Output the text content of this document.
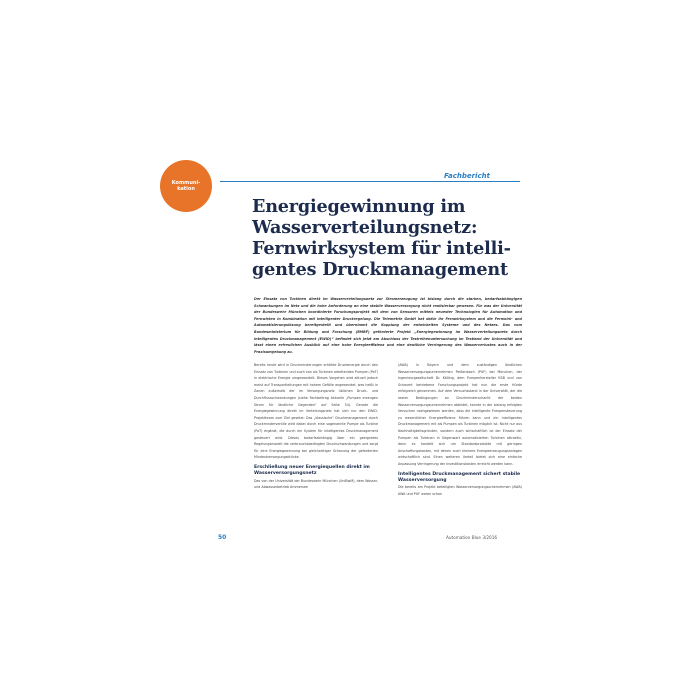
Kommuni-
kation
Fachbericht
Energiegewinnung im
Wasserverteilungsnetz:
Fernwirksystem für intelli-
gentes Druckmanagement

Der Einsatz von Turbinen direkt im Wasserverteilungsnetz zur Stromerzeugung ist bislang durch die starken, bedarfsabhängigen Schwankungen im Netz und die hohe Anforderung an eine stabile Wasserversorgung nicht realisierbar gewesen. Für was der Universität der Bundeswehr München koordinierte Forschungsprojekt mit dem von Sensoren mittels neuester Technologien für Automation und Fernwirken in Kombination mit intelligenter Druckregelung. Die Telemetrie GmbH hat dafür ihr Fernwirksystem und die Fernwirk- und Automatisierungslösung bereitgestellt und übernimmt die Kopplung der entwickelten Systeme und des Netzes. Das vom Bundesministerium für Bildung und Forschung (BMBF) geförderte Projekt „Energiegewinnung im Wasserverteilungsnetz durch intelligentes Druckmanagement (EWID)“ befindet sich jetzt am Abschluss der Testreihenuntersuchung im Testland der Universität und lässt einen erfreulichen Ausblick auf eine hohe Energieeffizienz und eine deutliche Verringerung des Wasserverlustes auch in der Praxisumgebung zu.

Bereits heute wird in Druckminderungen erhöhte Druckenergie durch den Einsatz von Turbinen und auch von als Turbinen arbeitenden Pumpen (PaT) in elektrische Energie umgewandelt. Dieses Vorgehen wird aktuell jedoch meist auf Transportleitungen mit hohem Gefälle angewendet, was heißt in Zonen außerhalb der im Versorgungsnetz üblichen Druck- und Durchflussschwankungen (siehe Fachbeitrag Aktuelle „Pumpen erzeugen Strom für ländliche Gegenden“ auf Seite 54). Gerade die Energiegewinnung direkt im Verteilungsnetz hat sich nur den EWID-Projektteam zum Ziel gesetzt: Das „klassische“ Druckmanagement durch Druckminderventile wird dabei durch eine sogenannte Pumpe als Turbine (PaT) ergänzt, die durch ein System für intelligentes Druckmanagement gesteuert wird. Dieses bedarfsabhängig über ein geeignetes Regelungsmodell die verbrauchsbedingten Druckschwankungen und sorgt für eine Energiegewinnung bei gleichzeitiger Schonung der geforderten Mindestversorgungsdrücke.

Erschließung neuer Energiequellen direkt im Wasserversorgungsnetz

Das von der Universität der Bundeswehr München (UniBwM), dem Wasser- und Abwasserbetrieb Ammersee

(AWA) in Bayern und dem zuständigen ländlichen Wasserversorgungsunternehmen Peißenbach (PUF) bei München, der Ingenieurgesellschaft Dr. Kölling, dem Pumpenhersteller KSB und von Schaumt betriebene Forschungsprojekt hat nun die erste Hürde erfolgreich genommen. Auf dem Versuchsstand in der Universität, der die realen Bedingungen an Druckminderschacht der beiden Wasserversorgungsunternehmen abbildet, konnte in der bislang erfolgten Versuchen nachgewiesen werden, dass die intelligente Pumpensteuerung zu wesentlicher Energieeffizienz führen kann und ein intelligentes Druckmanagement mit als Pumpen als Turbinen möglich ist. Nicht nur aus Nachhaltigkeitsgründen, sondern auch wirtschaftlich ist der Einsatz der Pumpen als Turbinen in Gegenwart automatisierten Turbinen attraktiv, denn es handelt sich um Standardprodukte mit geringen Anschaffungskosten, mit denen auch kleinere Energieerzeugungsanlagen wirtschaftlich sind. Einen weiteren Vorteil bietet sich eine einfache Anpassung Verringerung der Investitionskosten erreicht werden kann.

Intelligentes Druckmanagement sichert stabile Wasserversorgung

Die bereits am Projekt beteiligten Wasserversorgungsunternehmen (AWA) AWA und PUF waren schon

50	Automation Blue 3/2016
